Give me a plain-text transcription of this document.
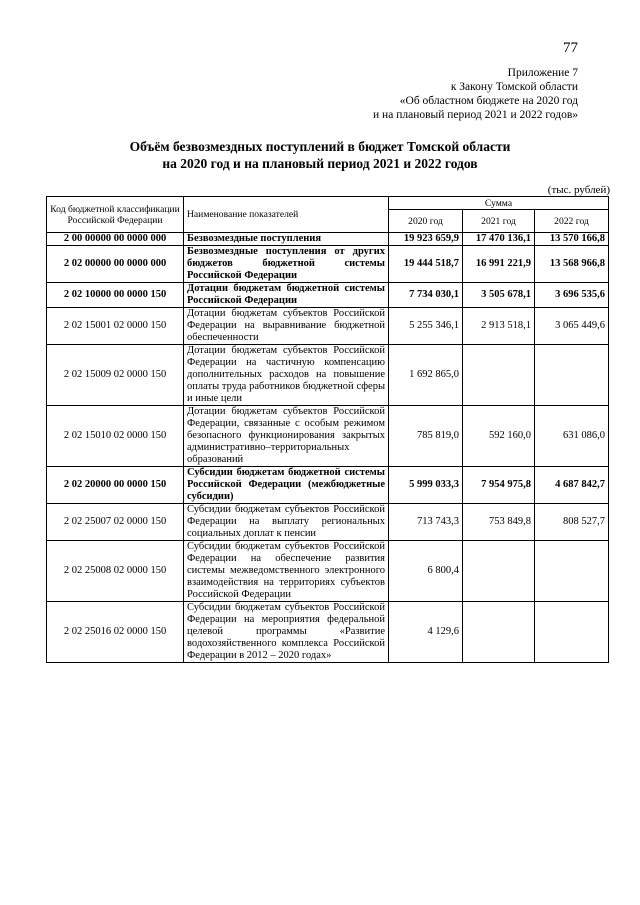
77
Приложение 7
к Закону Томской области
«Об областном бюджете на 2020 год
и на плановый период 2021 и 2022 годов»
Объём безвозмездных поступлений в бюджет Томской области
на 2020 год и на плановый период 2021 и 2022 годов
(тыс. рублей)
Код бюджетной классификации Российской Федерации	Наименование показателей	Сумма		
		2020 год	2021 год	2022 год
2 00 00000 00 0000 000	Безвозмездные поступления	19 923 659,9	17 470 136,1	13 570 166,8
2 02 00000 00 0000 000	Безвозмездные поступления от других бюджетов бюджетной системы Российской Федерации	19 444 518,7	16 991 221,9	13 568 966,8
2 02 10000 00 0000 150	Дотации бюджетам бюджетной системы Российской Федерации	7 734 030,1	3 505 678,1	3 696 535,6
2 02 15001 02 0000 150	Дотации бюджетам субъектов Российской Федерации на выравнивание бюджетной обеспеченности	5 255 346,1	2 913 518,1	3 065 449,6
2 02 15009 02 0000 150	Дотации бюджетам субъектов Российской Федерации на частичную компенсацию дополнительных расходов на повышение оплаты труда работников бюджетной сферы и иные цели	1 692 865,0		
2 02 15010 02 0000 150	Дотации бюджетам субъектов Российской Федерации, связанные с особым режимом безопасного функционирования закрытых административно–территориальных образований	785 819,0	592 160,0	631 086,0
2 02 20000 00 0000 150	Субсидии бюджетам бюджетной системы Российской Федерации (межбюджетные субсидии)	5 999 033,3	7 954 975,8	4 687 842,7
2 02 25007 02 0000 150	Субсидии бюджетам субъектов Российской Федерации на выплату региональных социальных доплат к пенсии	713 743,3	753 849,8	808 527,7
2 02 25008 02 0000 150	Субсидии бюджетам субъектов Российской Федерации на обеспечение развития системы межведомственного электронного взаимодействия на территориях субъектов Российской Федерации	6 800,4		
2 02 25016 02 0000 150	Субсидии бюджетам субъектов Российской Федерации на мероприятия федеральной целевой программы «Развитие водохозяйственного комплекса Российской Федерации в 2012 – 2020 годах»	4 129,6		
